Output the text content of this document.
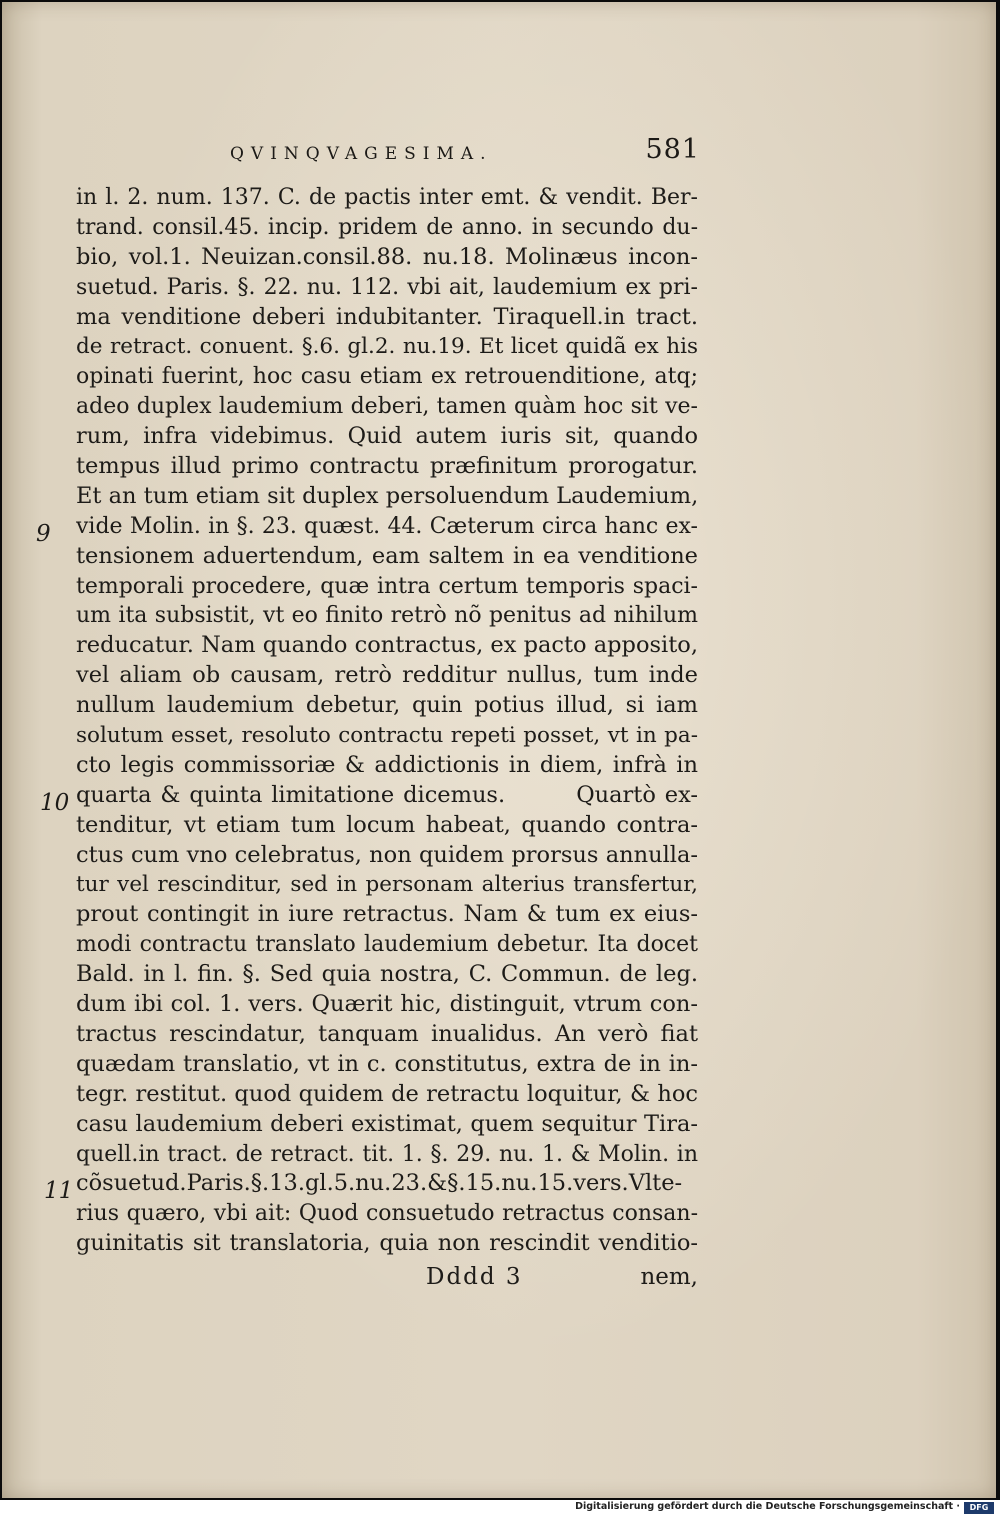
QVINQVAGESIMA.	581
in l. 2. num. 137. C. de pactis inter emt. & vendit. Ber-
trand. consil.45. incip. pridem de anno. in secundo du-
bio, vol.1. Neuizan.consil.88. nu.18. Molinæus incon-
suetud. Paris. §. 22. nu. 112. vbi ait, laudemium ex pri-
ma venditione deberi indubitanter. Tiraquell.in tract.
de retract. conuent. §.6. gl.2. nu.19. Et licet quidã ex his
opinati fuerint, hoc casu etiam ex retrouenditione, atq;
adeo duplex laudemium deberi, tamen quàm hoc sit ve-
rum, infra videbimus. Quid autem iuris sit, quando
tempus illud primo contractu præfinitum prorogatur.
Et an tum etiam sit duplex persoluendum Laudemium,
vide Molin. in §. 23. quæst. 44. Cæterum circa hanc ex-
tensionem aduertendum, eam saltem in ea venditione
temporali procedere, quæ intra certum temporis spaci-
um ita subsistit, vt eo finito retrò nõ penitus ad nihilum
reducatur. Nam quando contractus, ex pacto apposito,
vel aliam ob causam, retrò redditur nullus, tum inde
nullum laudemium debetur, quin potius illud, si iam
solutum esset, resoluto contractu repeti posset, vt in pa-
cto legis commissoriæ & addictionis in diem, infrà in
quarta & quinta limitatione dicemus.        Quartò ex-
tenditur, vt etiam tum locum habeat, quando contra-
ctus cum vno celebratus, non quidem prorsus annulla-
tur vel rescinditur, sed in personam alterius transfertur,
prout contingit in iure retractus. Nam & tum ex eius-
modi contractu translato laudemium debetur. Ita docet
Bald. in l. fin. §. Sed quia nostra, C. Commun. de leg.
dum ibi col. 1. vers. Quærit hic, distinguit, vtrum con-
tractus rescindatur, tanquam inualidus. An verò fiat
quædam translatio, vt in c. constitutus, extra de in in-
tegr. restitut. quod quidem de retractu loquitur, & hoc
casu laudemium deberi existimat, quem sequitur Tira-
quell.in tract. de retract. tit. 1. §. 29. nu. 1. & Molin. in
cõsuetud.Paris.§.13.gl.5.nu.23.&§.15.nu.15.vers.Vlte-
rius quæro, vbi ait: Quod consuetudo retractus consan-
guinitatis sit translatoria, quia non rescindit venditio-
9
10
11
Dddd 3	nem,
Digitalisierung gefördert durch die Deutsche Forschungsgemeinschaft ·	DFG
